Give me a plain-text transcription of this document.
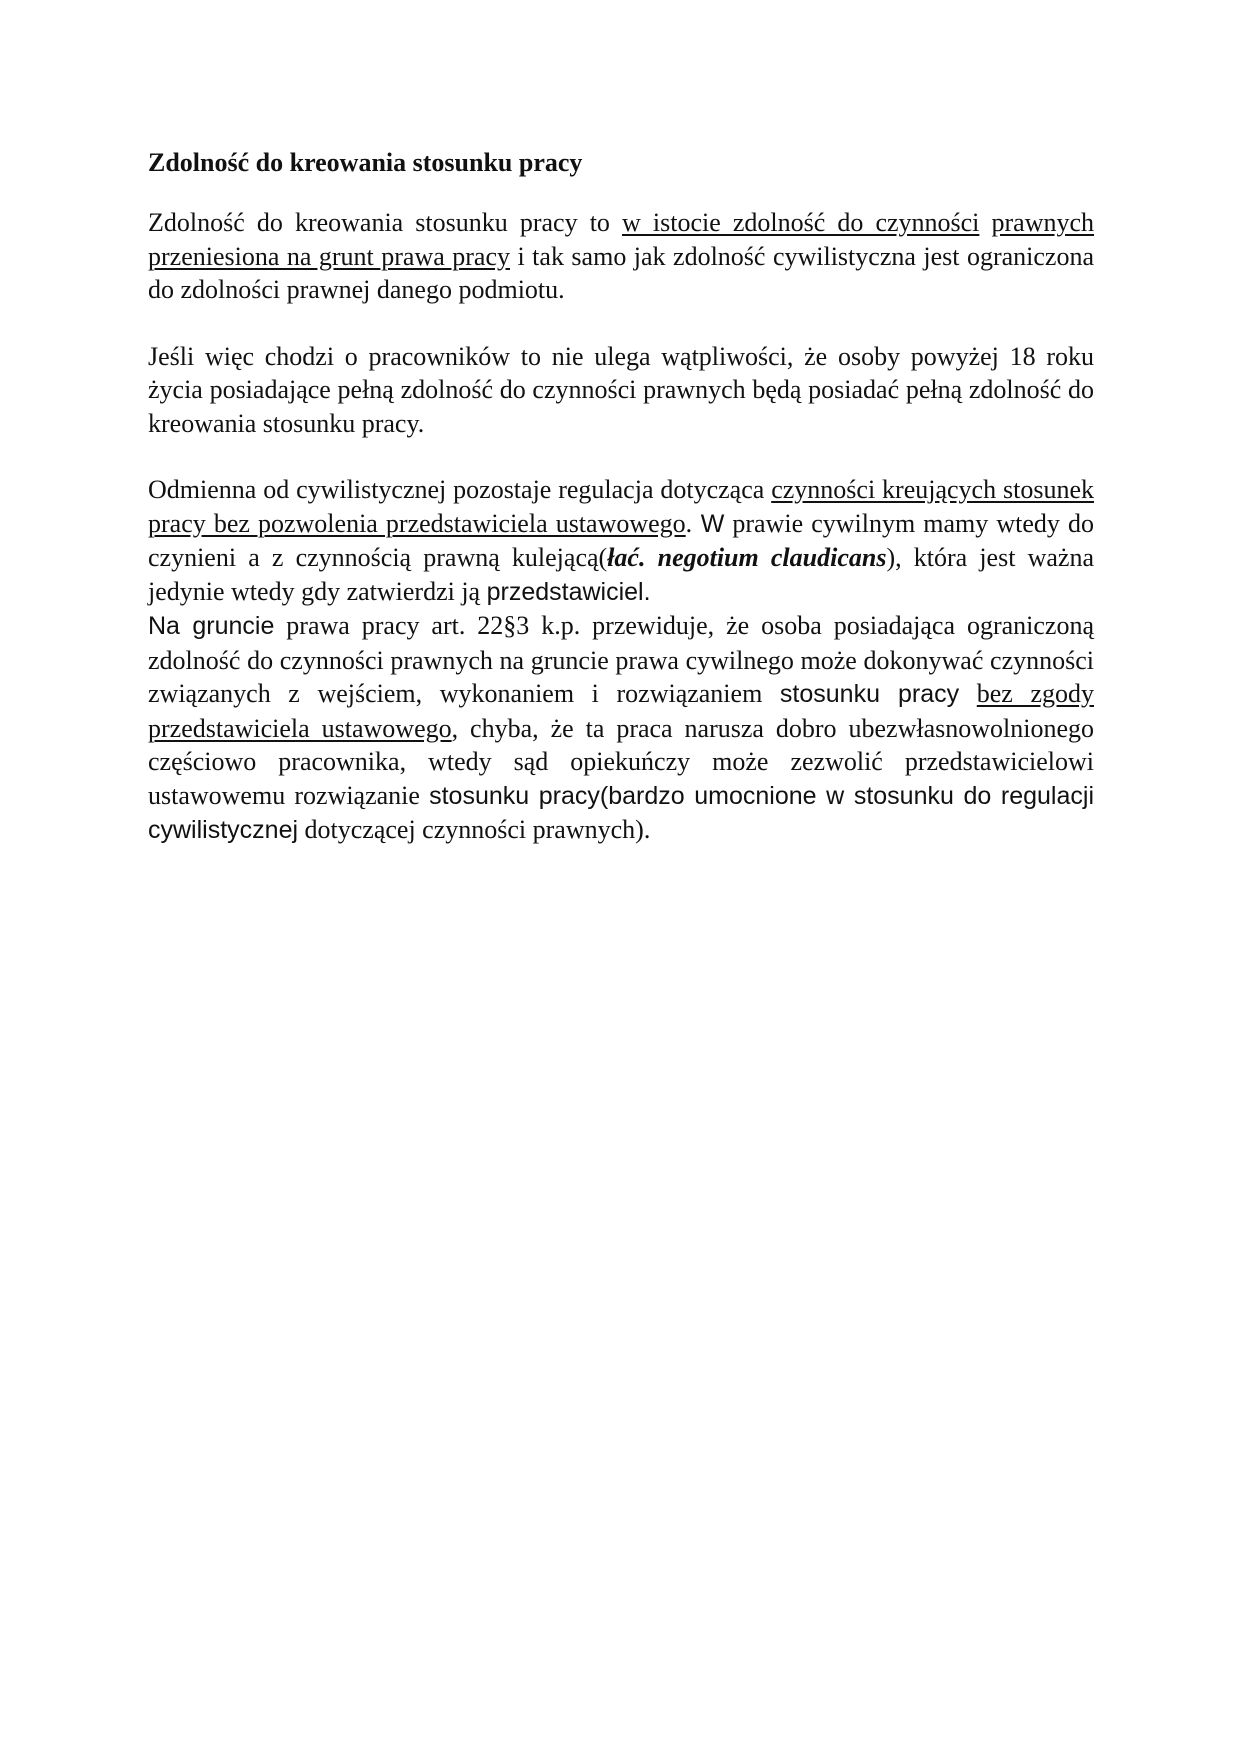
Zdolność do kreowania stosunku pracy

Zdolność do kreowania stosunku pracy to w istocie zdolność do czynności prawnych przeniesiona na grunt prawa pracy i tak samo jak zdolność cywilistyczna jest ograniczona do zdolności prawnej danego podmiotu.

Jeśli więc chodzi o pracowników to nie ulega wątpliwości, że osoby powyżej 18 roku życia posiadające pełną zdolność do czynności prawnych będą posiadać pełną zdolność do kreowania stosunku pracy.

Odmienna od cywilistycznej pozostaje regulacja dotycząca czynności kreujących stosunek pracy bez pozwolenia przedstawiciela ustawowego. W prawie cywilnym mamy wtedy do czynieni a z czynnością prawną kulejącą(łać. negotium claudicans), która jest ważna jedynie wtedy gdy zatwierdzi ją przedstawiciel.

Na gruncie prawa pracy art. 22§3 k.p. przewiduje, że osoba posiadająca ograniczoną zdolność do czynności prawnych na gruncie prawa cywilnego może dokonywać czynności związanych z wejściem, wykonaniem i rozwiązaniem stosunku pracy bez zgody przedstawiciela ustawowego, chyba, że ta praca narusza dobro ubezwłasnowolnionego częściowo pracownika, wtedy sąd opiekuńczy może zezwolić przedstawicielowi ustawowemu rozwiązanie stosunku pracy(bardzo umocnione w stosunku do regulacji cywilistycznej dotyczącej czynności prawnych).
